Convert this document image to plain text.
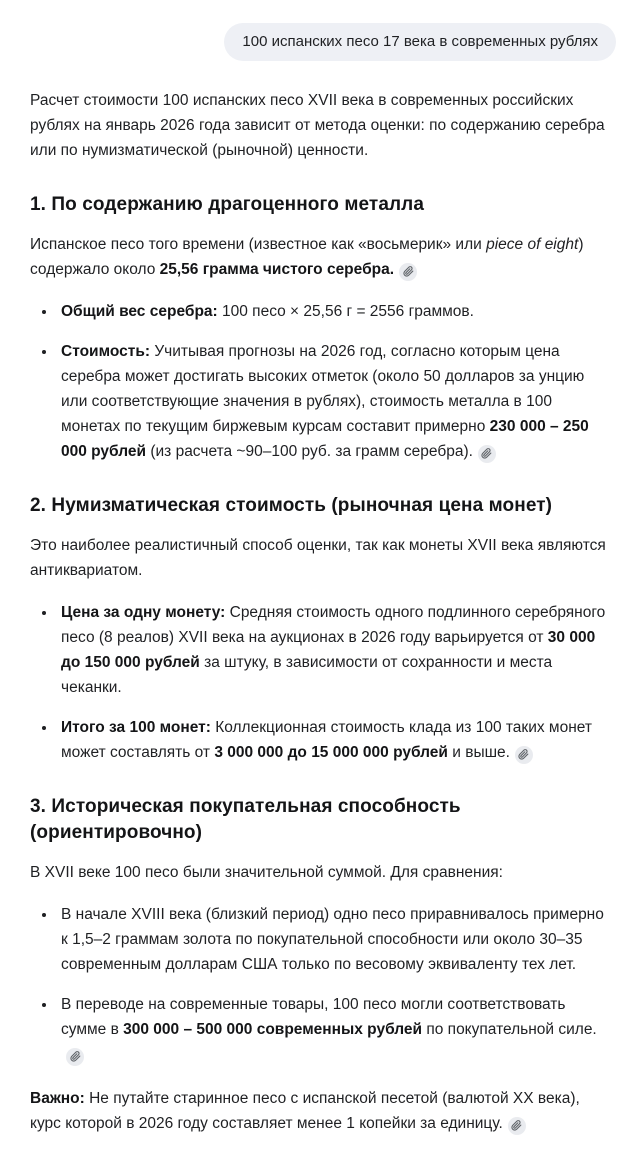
100 испанских песо 17 века в современных рублях

Расчет стоимости 100 испанских песо XVII века в современных российских рублях на январь 2026 года зависит от метода оценки: по содержанию серебра или по нумизматической (рыночной) ценности.

1. По содержанию драгоценного металла

Испанское песо того времени (известное как «восьмерик» или piece of eight) содержало около 25,56 грамма чистого серебра.

• Общий вес серебра: 100 песо × 25,56 г = 2556 граммов.
• Стоимость: Учитывая прогнозы на 2026 год, согласно которым цена серебра может достигать высоких отметок (около 50 долларов за унцию или соответствующие значения в рублях), стоимость металла в 100 монетах по текущим биржевым курсам составит примерно 230 000 – 250 000 рублей (из расчета ~90–100 руб. за грамм серебра).
2. Нумизматическая стоимость (рыночная цена монет)

Это наиболее реалистичный способ оценки, так как монеты XVII века являются антиквариатом.

• Цена за одну монету: Средняя стоимость одного подлинного серебряного песо (8 реалов) XVII века на аукционах в 2026 году варьируется от 30 000 до 150 000 рублей за штуку, в зависимости от сохранности и места чеканки.
• Итого за 100 монет: Коллекционная стоимость клада из 100 таких монет может составлять от 3 000 000 до 15 000 000 рублей и выше.
3. Историческая покупательная способность (ориентировочно)

В XVII веке 100 песо были значительной суммой. Для сравнения:

• В начале XVIII века (близкий период) одно песо приравнивалось примерно к 1,5–2 граммам золота по покупательной способности или около 30–35 современным долларам США только по весовому эквиваленту тех лет.
• В переводе на современные товары, 100 песо могли соответствовать сумме в 300 000 – 500 000 современных рублей по покупательной силе.

Важно: Не путайте старинное песо с испанской песетой (валютой XX века), курс которой в 2026 году составляет менее 1 копейки за единицу.
